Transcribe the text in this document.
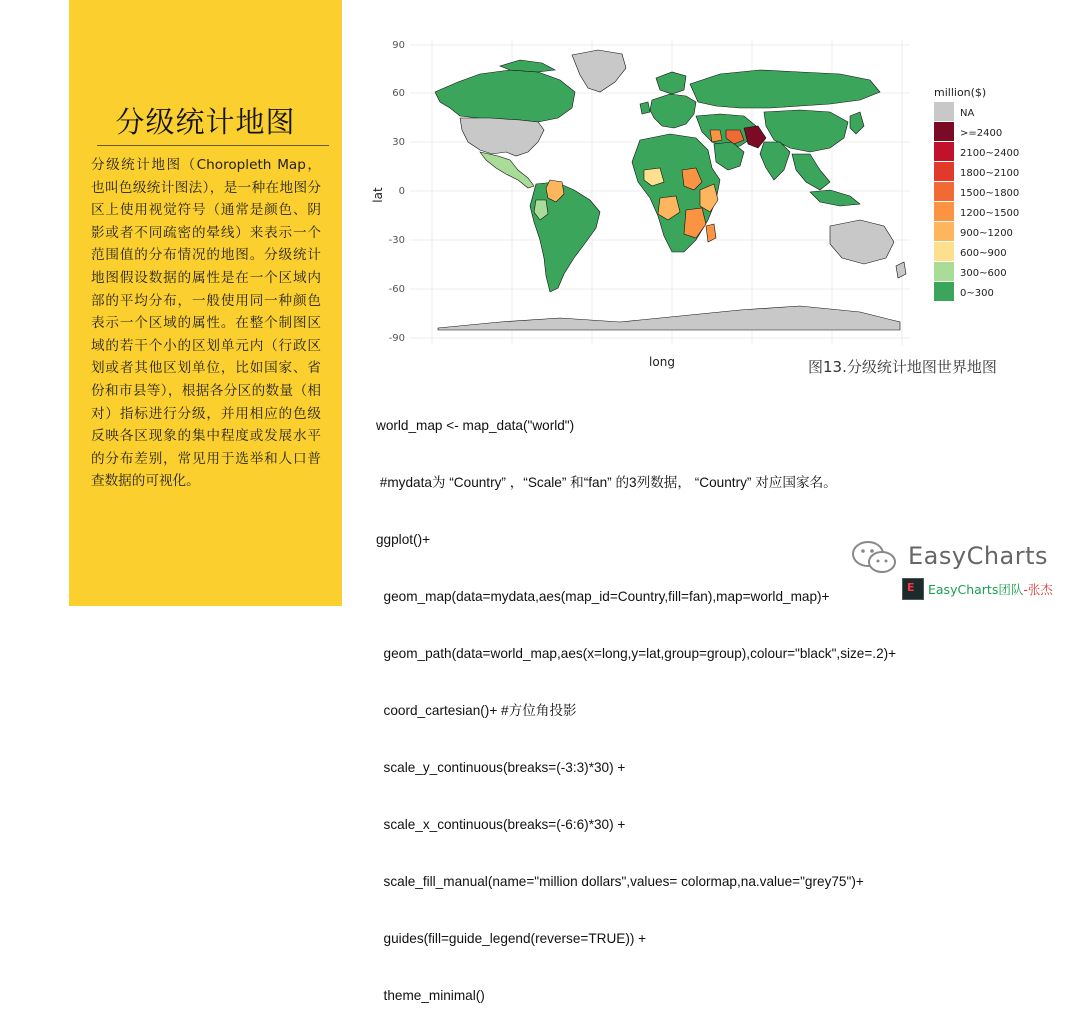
分级统计地图
分级统计地图（Choropleth Map，也叫色级统计图法），是一种在地图分区上使用视觉符号（通常是颜色、阴影或者不同疏密的晕线）来表示一个范围值的分布情况的地图。分级统计地图假设数据的属性是在一个区域内部的平均分布，一般使用同一种颜色表示一个区域的属性。在整个制图区域的若干个小的区划单元内（行政区划或者其他区划单位，比如国家、省份和市县等），根据各分区的数量（相对）指标进行分级，并用相应的色级反映各区现象的集中程度或发展水平的分布差别，常见用于选举和人口普查数据的可视化。
90
60
30
0
-30
-60
-90
lat
long
million($)
NA
>=2400
2100~2400
1800~2100
1500~1800
1200~1500
900~1200
600~900
300~600
0~300
图13.分级统计地图世界地图

world_map <- map_data("world")

#mydata为 “Country” ，“Scale” 和“fan” 的3列数据， “Country” 对应国家名。

ggplot()+

geom_map(data=mydata,aes(map_id=Country,fill=fan),map=world_map)+

geom_path(data=world_map,aes(x=long,y=lat,group=group),colour="black",size=.2)+

coord_cartesian()+ #方位角投影

scale_y_continuous(breaks=(-3:3)*30) +

scale_x_continuous(breaks=(-6:6)*30) +

scale_fill_manual(name="million dollars",values= colormap,na.value="grey75")+

guides(fill=guide_legend(reverse=TRUE)) +

theme_minimal()

EasyCharts
E EasyCharts团队-张杰
